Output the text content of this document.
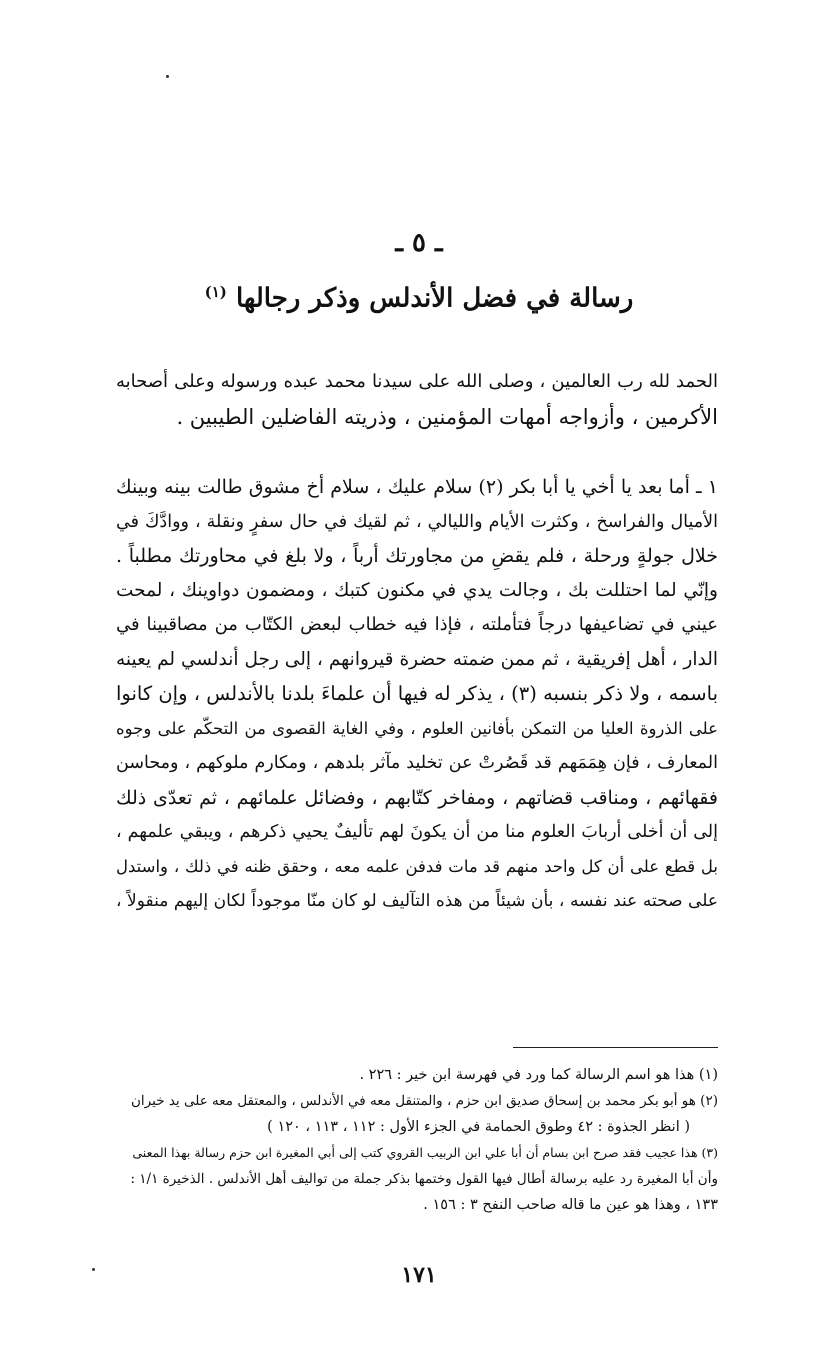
ـ ٥ ـ
رسالة في فضل الأندلس وذكر رجالها $^{(١)}$
الحمد لله رب العالمين ، وصلى الله على سيدنا محمد عبده ورسوله وعلى أصحابه
الأكرمين ، وأزواجه أمهات المؤمنين ، وذريته الفاضلين الطيبين .
١ ـ أما بعد يا أخي يا أبا بكر (٢) سلام عليك ، سلام أخ مشوق طالت بينه وبينك
الأميال والفراسخ ، وكثرت الأيام والليالي ، ثم لقيك في حال سفرٍ ونقلة ، ووادَّكَ في
خلال جولةٍ ورحلة ، فلم يقضِ من مجاورتك أرباً ، ولا بلغ في محاورتك مطلباً .
وإنّي لما احتللت بك ، وجالت يدي في مكنون كتبك ، ومضمون دواوينك ، لمحت
عيني في تضاعيفها درجاً فتأملته ، فإذا فيه خطاب لبعض الكتّاب من مصاقبينا في
الدار ، أهل إفريقية ، ثم ممن ضمته حضرة قيروانهم ، إلى رجل أندلسي لم يعينه
باسمه ، ولا ذكر بنسبه (٣) ، يذكر له فيها أن علماءَ بلدنا بالأندلس ، وإن كانوا
على الذروة العليا من التمكن بأفانين العلوم ، وفي الغاية القصوى من التحكّم على وجوه
المعارف ، فإن هِمَمَهم قد قَصُرتْ عن تخليد مآثر بلدهم ، ومكارم ملوكهم ، ومحاسن
فقهائهم ، ومناقب قضاتهم ، ومفاخر كتّابهم ، وفضائل علمائهم ، ثم تعدّى ذلك
إلى أن أخلى أربابَ العلوم منا من أن يكونَ لهم تأليفٌ يحيي ذكرهم ، ويبقي علمهم ،
بل قطع على أن كل واحد منهم قد مات فدفن علمه معه ، وحقق ظنه في ذلك ، واستدل
على صحته عند نفسه ، بأن شيئاً من هذه التآليف لو كان منّا موجوداً لكان إليهم منقولاً ،
(١) هذا هو اسم الرسالة كما ورد في فهرسة ابن خير : ٢٢٦ .
(٢) هو أبو بكر محمد بن إسحاق صديق ابن حزم ، والمتنقل معه في الأندلس ، والمعتقل معه على يد خيران
( انظر الجذوة : ٤٢ وطوق الحمامة في الجزء الأول : ١١٢ ، ١١٣ ، ١٢٠ )
(٣) هذا عجيب فقد صرح ابن بسام أن أبا علي ابن الربيب القروي كتب إلى أبي المغيرة ابن حزم رسالة بهذا المعنى
وأن أبا المغيرة رد عليه برسالة أطال فيها القول وختمها بذكر جملة من تواليف أهل الأندلس . الذخيرة ١/١ :
١٣٣ ، وهذا هو عين ما قاله صاحب النفح ٣ : ١٥٦ .
١٧١
